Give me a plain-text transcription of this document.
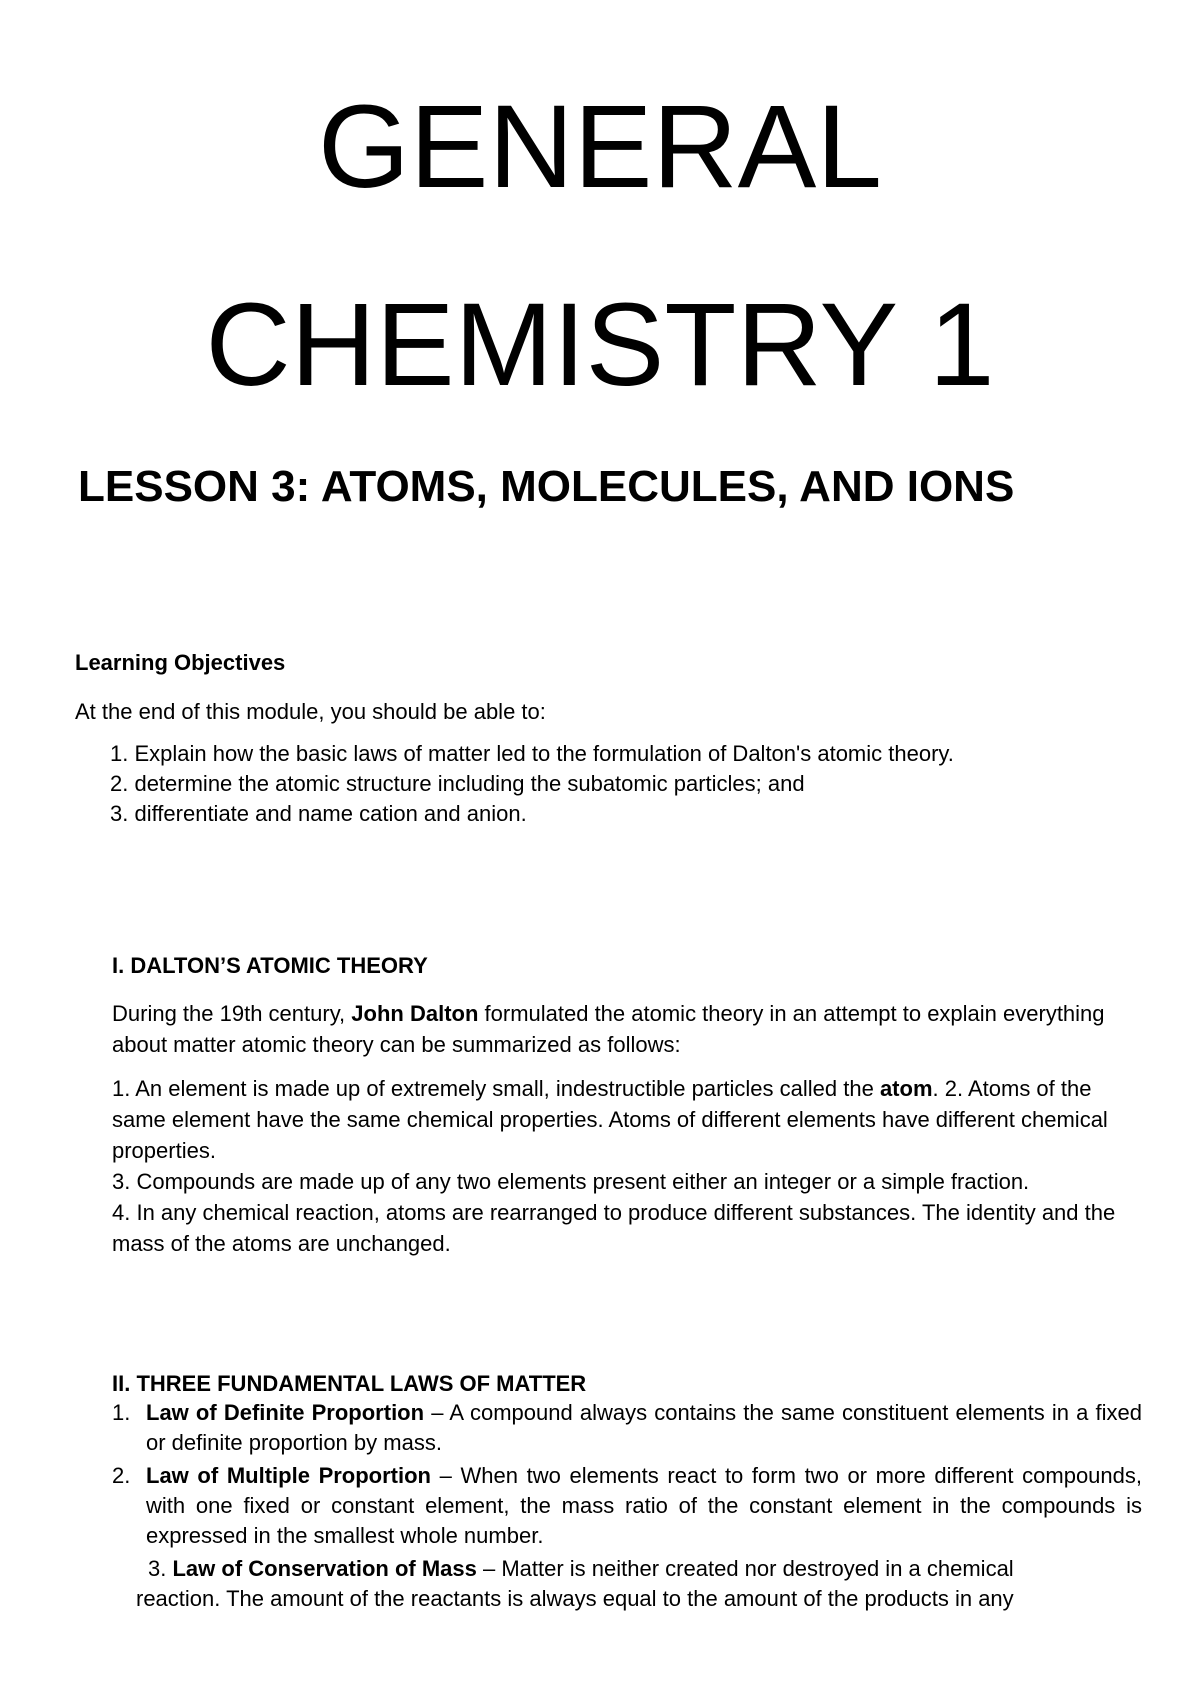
GENERAL
CHEMISTRY 1
LESSON 3: ATOMS, MOLECULES, AND IONS

Learning Objectives

At the end of this module, you should be able to:

1. Explain how the basic laws of matter led to the formulation of Dalton's atomic theory.
2. determine the atomic structure including the subatomic particles; and
3. differentiate and name cation and anion.

I. DALTON’S ATOMIC THEORY

During the 19th century, John Dalton formulated the atomic theory in an attempt to explain everything about matter atomic theory can be summarized as follows:

1. An element is made up of extremely small, indestructible particles called the atom. 2. Atoms of the same element have the same chemical properties. Atoms of different elements have different chemical properties.

3. Compounds are made up of any two elements present either an integer or a simple fraction.

4. In any chemical reaction, atoms are rearranged to produce different substances. The identity and the mass of the atoms are unchanged.

II. THREE FUNDAMENTAL LAWS OF MATTER

1. Law of Definite Proportion – A compound always contains the same constituent elements in a fixed or definite proportion by mass.
2. Law of Multiple Proportion – When two elements react to form two or more different compounds, with one fixed or constant element, the mass ratio of the constant element in the compounds is expressed in the smallest whole number.
3. Law of Conservation of Mass – Matter is neither created nor destroyed in a chemical
reaction. The amount of the reactants is always equal to the amount of the products in any
